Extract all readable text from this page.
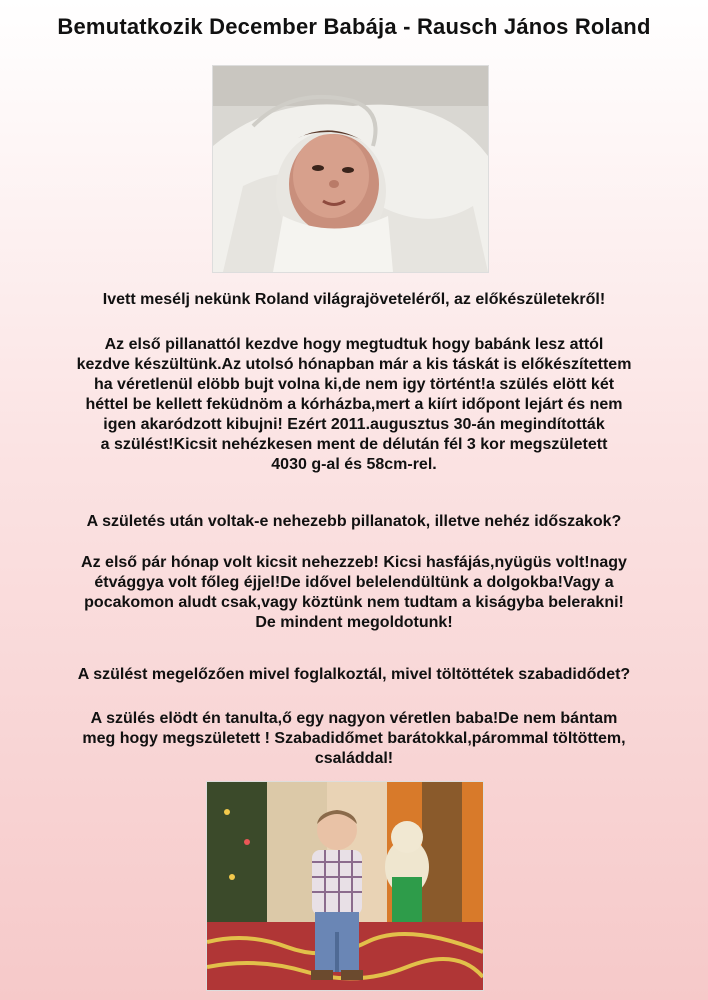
Bemutatkozik December Babája - Rausch János Roland
Ivett mesélj nekünk Roland világrajöveteléről, az előkészületekről!
Az első pillanattól kezdve hogy megtudtuk hogy babánk lesz attól
kezdve készültünk.Az utolsó hónapban már a kis táskát is előkészítettem
ha véretlenül elöbb bujt volna ki,de nem igy történt!a szülés elött két
héttel be kellett feküdnöm a kórházba,mert a kiírt időpont lejárt és nem
igen akaródzott kibujni! Ezért 2011.augusztus 30-án megindították
a szülést!Kicsit nehézkesen ment de délután fél 3 kor megszületett
4030 g-al és 58cm-rel.
A születés után voltak-e nehezebb pillanatok, illetve nehéz időszakok?
Az első pár hónap volt kicsit nehezzeb! Kicsi hasfájás,nyügüs volt!nagy
étvággya volt főleg éjjel!De idővel belelendültünk a dolgokba!Vagy a
pocakomon aludt csak,vagy köztünk nem tudtam a kiságyba belerakni!
De mindent megoldotunk!
A szülést megelőzően mivel foglalkoztál, mivel töltöttétek szabadidődet?
A szülés elödt én tanulta,ő egy nagyon véretlen baba!De nem bántam
meg hogy megszületett ! Szabadidőmet barátokkal,párommal töltöttem,
családdal!
